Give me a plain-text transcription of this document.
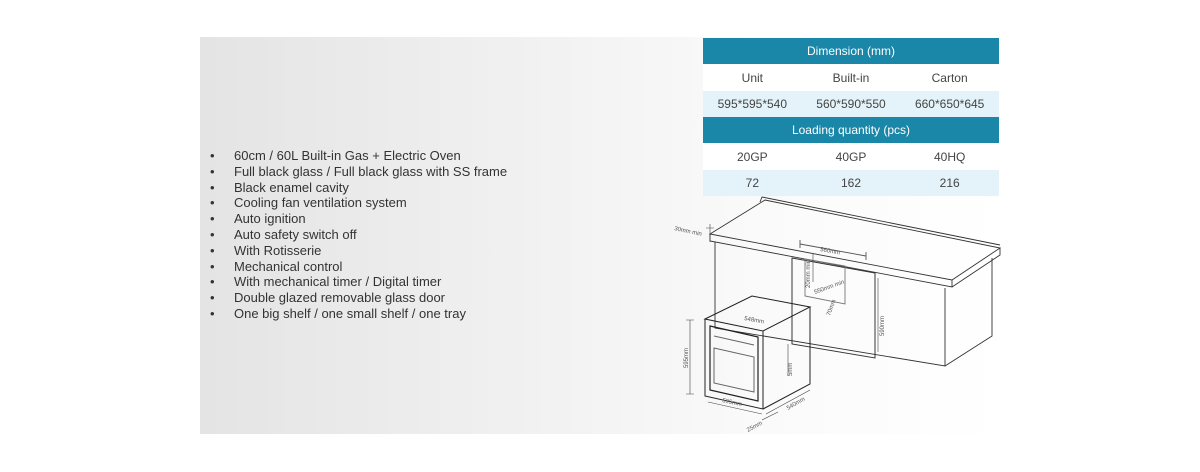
• 60cm / 60L Built-in Gas + Electric Oven
• Full black glass / Full black glass with SS frame
• Black enamel cavity
• Cooling fan ventilation system
• Auto ignition
• Auto safety switch off
• With Rotisserie
• Mechanical control
• With mechanical timer / Digital timer
• Double glazed removable glass door
• One big shelf / one small shelf / one tray
Dimension (mm)		
Unit	Built-in	Carton
595*595*540	560*590*550	660*650*645
Loading quantity (pcs)		
20GP	40GP	40HQ
72	162	216
30mm min
560mm
20mm min 550mm min
70mm
590mm
548mm
595mm
5mm
595mm	540mm
25mm
